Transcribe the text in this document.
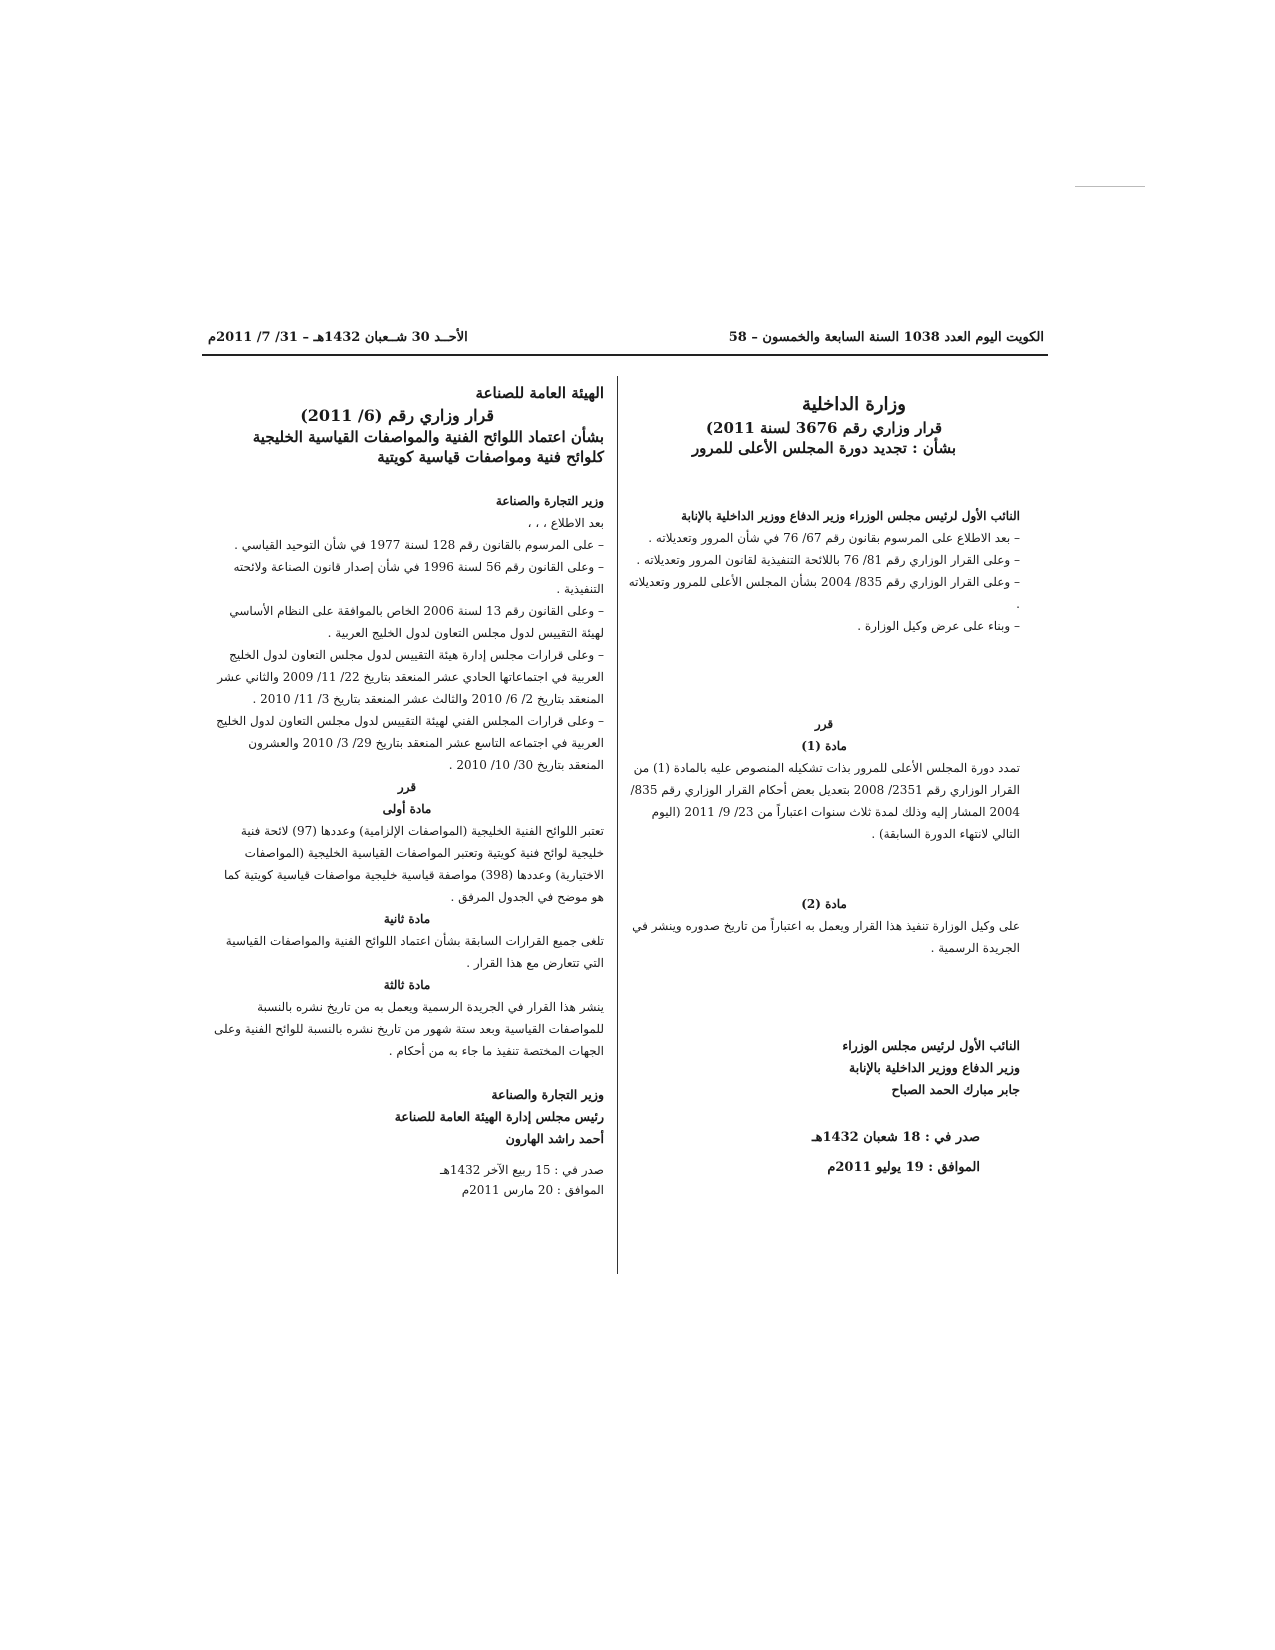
الكويت اليوم العدد 1038 السنة السابعة والخمسون – 58
الأحــد 30 شــعبان 1432هـ – 31/ 7/ 2011م

الهيئة العامة للصناعة

قرار وزاري رقم (6/ 2011)

بشأن اعتماد اللوائح الفنية والمواصفات القياسية الخليجية كلوائح فنية ومواصفات قياسية كويتية

وزير التجارة والصناعة

بعد الاطلاع ، ، ،

– على المرسوم بالقانون رقم 128 لسنة 1977 في شأن التوحيد القياسي .

– وعلى القانون رقم 56 لسنة 1996 في شأن إصدار قانون الصناعة ولائحته التنفيذية .

– وعلى القانون رقم 13 لسنة 2006 الخاص بالموافقة على النظام الأساسي لهيئة التقييس لدول مجلس التعاون لدول الخليج العربية .

– وعلى قرارات مجلس إدارة هيئة التقييس لدول مجلس التعاون لدول الخليج العربية في اجتماعاتها الحادي عشر المنعقد بتاريخ 22/ 11/ 2009 والثاني عشر المنعقد بتاريخ 2/ 6/ 2010 والثالث عشر المنعقد بتاريخ 3/ 11/ 2010 .

– وعلى قرارات المجلس الفني لهيئة التقييس لدول مجلس التعاون لدول الخليج العربية في اجتماعه التاسع عشر المنعقد بتاريخ 29/ 3/ 2010 والعشرون المنعقد بتاريخ 30/ 10/ 2010 .

قرر

مادة أولى

تعتبر اللوائح الفنية الخليجية (المواصفات الإلزامية) وعددها (97) لائحة فنية خليجية لوائح فنية كويتية وتعتبر المواصفات القياسية الخليجية (المواصفات الاختيارية) وعددها (398) مواصفة قياسية خليجية مواصفات قياسية كويتية كما هو موضح في الجدول المرفق .

مادة ثانية

تلغى جميع القرارات السابقة بشأن اعتماد اللوائح الفنية والمواصفات القياسية التي تتعارض مع هذا القرار .

مادة ثالثة

ينشر هذا القرار في الجريدة الرسمية ويعمل به من تاريخ نشره بالنسبة للمواصفات القياسية وبعد ستة شهور من تاريخ نشره بالنسبة للوائح الفنية وعلى الجهات المختصة تنفيذ ما جاء به من أحكام .

وزير التجارة والصناعة

رئيس مجلس إدارة الهيئة العامة للصناعة

أحمد راشد الهارون

صدر في : 15 ربيع الآخر 1432هـ

الموافق : 20 مارس 2011م

وزارة الداخلية

قرار وزاري رقم 3676 لسنة 2011)

بشأن : تجديد دورة المجلس الأعلى للمرور

النائب الأول لرئيس مجلس الوزراء وزير الدفاع ووزير الداخلية بالإنابة

– بعد الاطلاع على المرسوم بقانون رقم 67/ 76 في شأن المرور وتعديلاته .

– وعلى القرار الوزاري رقم 81/ 76 باللائحة التنفيذية لقانون المرور وتعديلاته .

– وعلى القرار الوزاري رقم 835/ 2004 بشأن المجلس الأعلى للمرور وتعديلاته .

– وبناء على عرض وكيل الوزارة .

قرر

مادة (1)

تمدد دورة المجلس الأعلى للمرور بذات تشكيله المنصوص عليه بالمادة (1) من القرار الوزاري رقم 2351/ 2008 بتعديل بعض أحكام القرار الوزاري رقم 835/ 2004 المشار إليه وذلك لمدة ثلاث سنوات اعتباراً من 23/ 9/ 2011 (اليوم التالي لانتهاء الدورة السابقة) .

مادة (2)

على وكيل الوزارة تنفيذ هذا القرار ويعمل به اعتباراً من تاريخ صدوره وينشر في الجريدة الرسمية .

النائب الأول لرئيس مجلس الوزراء

وزير الدفاع ووزير الداخلية بالإنابة

جابر مبارك الحمد الصباح

صدر في : 18 شعبان 1432هـ

الموافق : 19 يوليو 2011م
